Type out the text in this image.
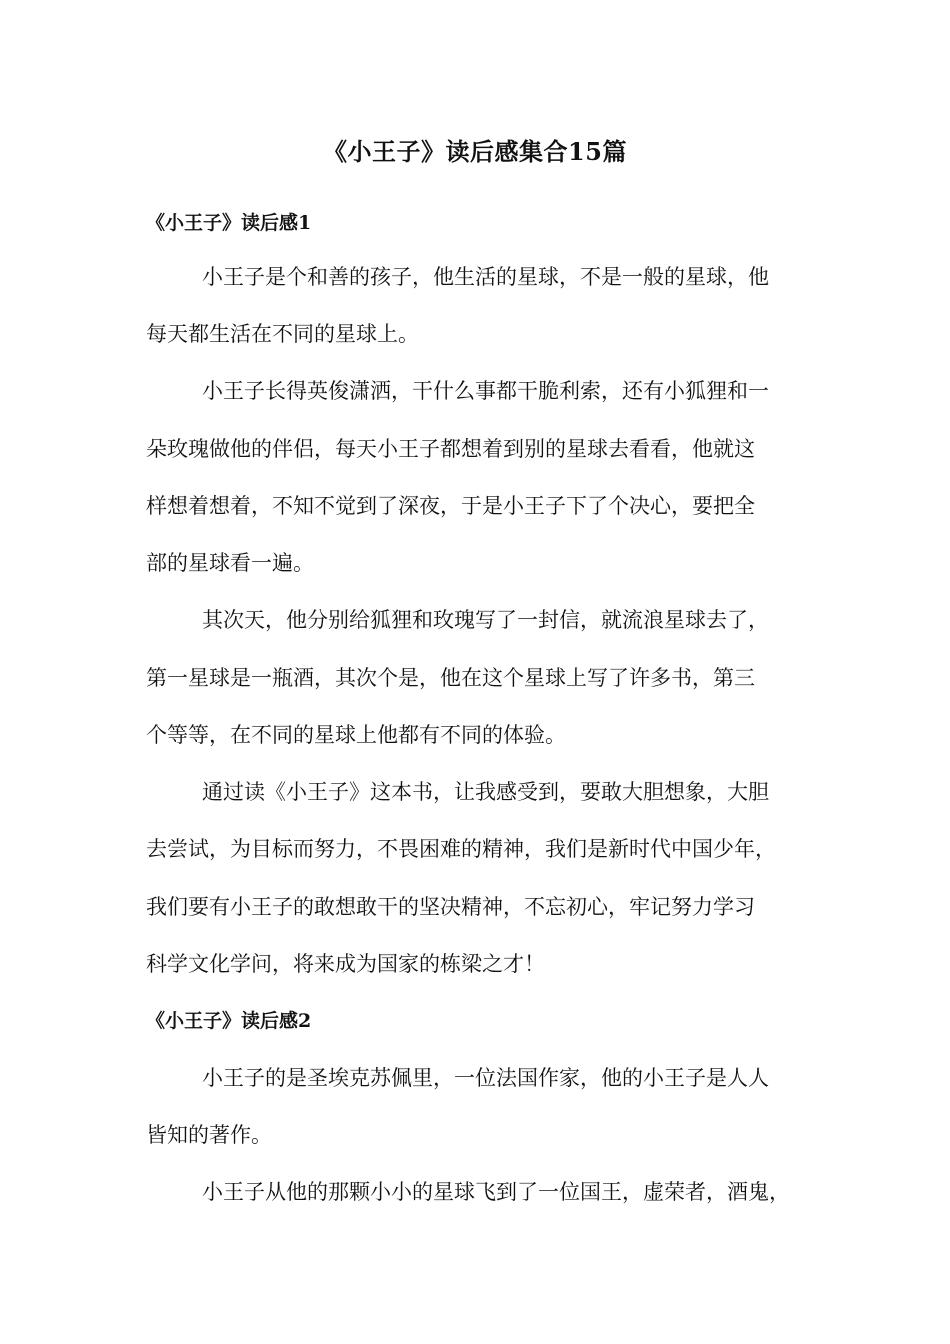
《小王子》读后感集合15篇
《小王子》读后感1

小王子是个和善的孩子，他生活的星球，不是一般的星球，他

每天都生活在不同的星球上。

小王子长得英俊潇洒，干什么事都干脆利索，还有小狐狸和一

朵玫瑰做他的伴侣，每天小王子都想着到别的星球去看看，他就这

样想着想着，不知不觉到了深夜，于是小王子下了个决心，要把全

部的星球看一遍。

其次天，他分别给狐狸和玫瑰写了一封信，就流浪星球去了，

第一星球是一瓶酒，其次个是，他在这个星球上写了许多书，第三

个等等，在不同的星球上他都有不同的体验。

通过读《小王子》这本书，让我感受到，要敢大胆想象，大胆

去尝试，为目标而努力，不畏困难的精神，我们是新时代中国少年，

我们要有小王子的敢想敢干的坚决精神，不忘初心，牢记努力学习

科学文化学问，将来成为国家的栋梁之才！

《小王子》读后感2

小王子的是圣埃克苏佩里，一位法国作家，他的小王子是人人

皆知的著作。

小王子从他的那颗小小的星球飞到了一位国王，虚荣者，酒鬼，
